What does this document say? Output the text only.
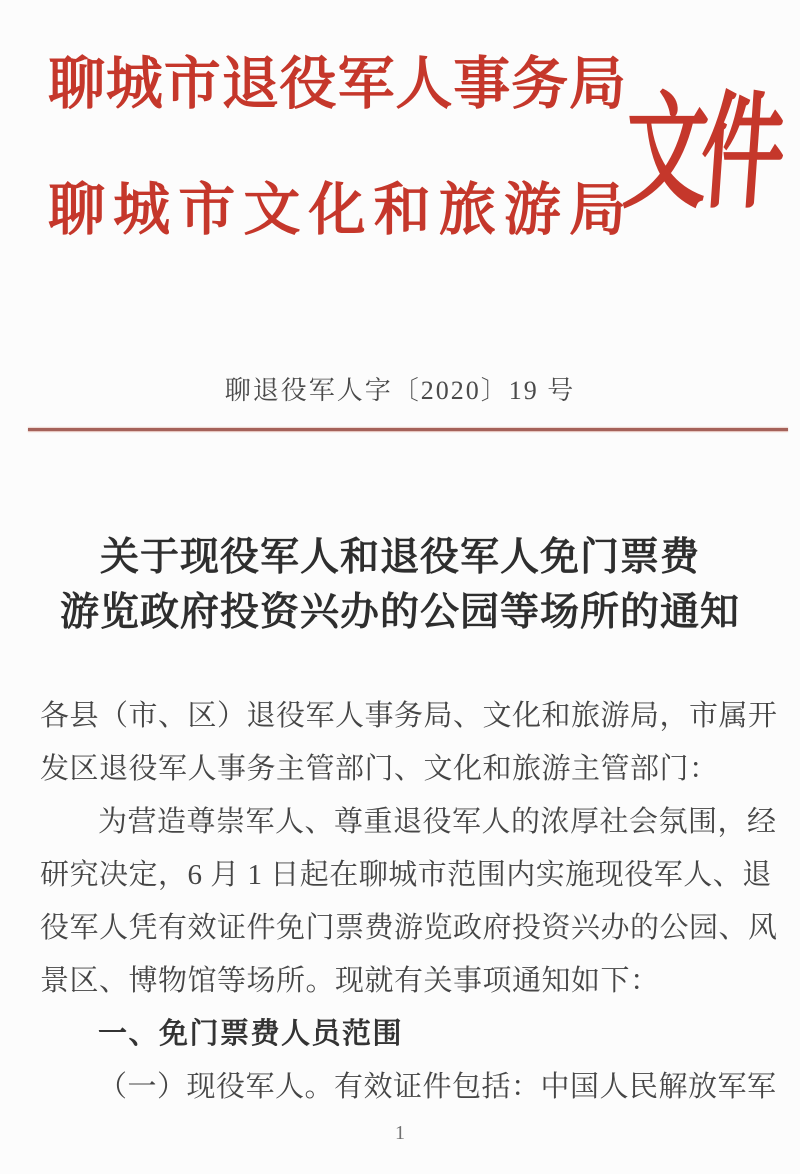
聊城市退役军人事务局
聊城市文化和旅游局
文件
聊退役军人字〔2020〕19 号
关于现役军人和退役军人免门票费
游览政府投资兴办的公园等场所的通知

各县（市、区）退役军人事务局、文化和旅游局，市属开

发区退役军人事务主管部门、文化和旅游主管部门：

为营造尊崇军人、尊重退役军人的浓厚社会氛围，经

研究决定，6 月 1 日起在聊城市范围内实施现役军人、退

役军人凭有效证件免门票费游览政府投资兴办的公园、风

景区、博物馆等场所。现就有关事项通知如下：

一、免门票费人员范围

（一）现役军人。有效证件包括：中国人民解放军军

1
